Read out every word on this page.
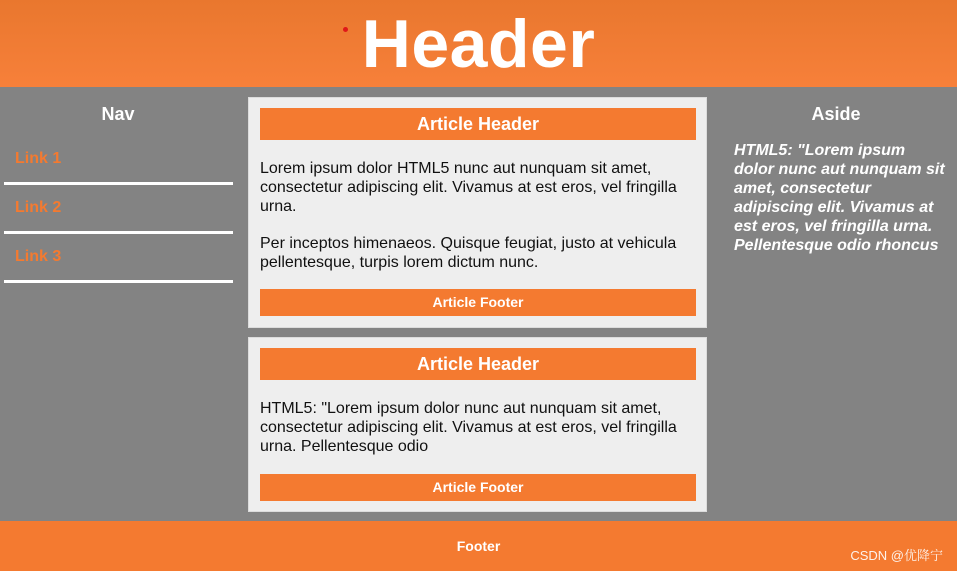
Header
Nav
Link 1
Link 2
Link 3
Article Header

Lorem ipsum dolor HTML5 nunc aut nunquam sit amet, consectetur adipiscing elit. Vivamus at est eros, vel fringilla urna.

Per inceptos himenaeos. Quisque feugiat, justo at vehicula pellentesque, turpis lorem dictum nunc.

Article Footer
Article Header

HTML5: "Lorem ipsum dolor nunc aut nunquam sit amet, consectetur adipiscing elit. Vivamus at est eros, vel fringilla urna. Pellentesque odio

Article Footer
Aside

HTML5: "Lorem ipsum dolor nunc aut nunquam sit amet, consectetur adipiscing elit. Vivamus at est eros, vel fringilla urna. Pellentesque odio rhoncus

Footer
CSDN @优降宁
